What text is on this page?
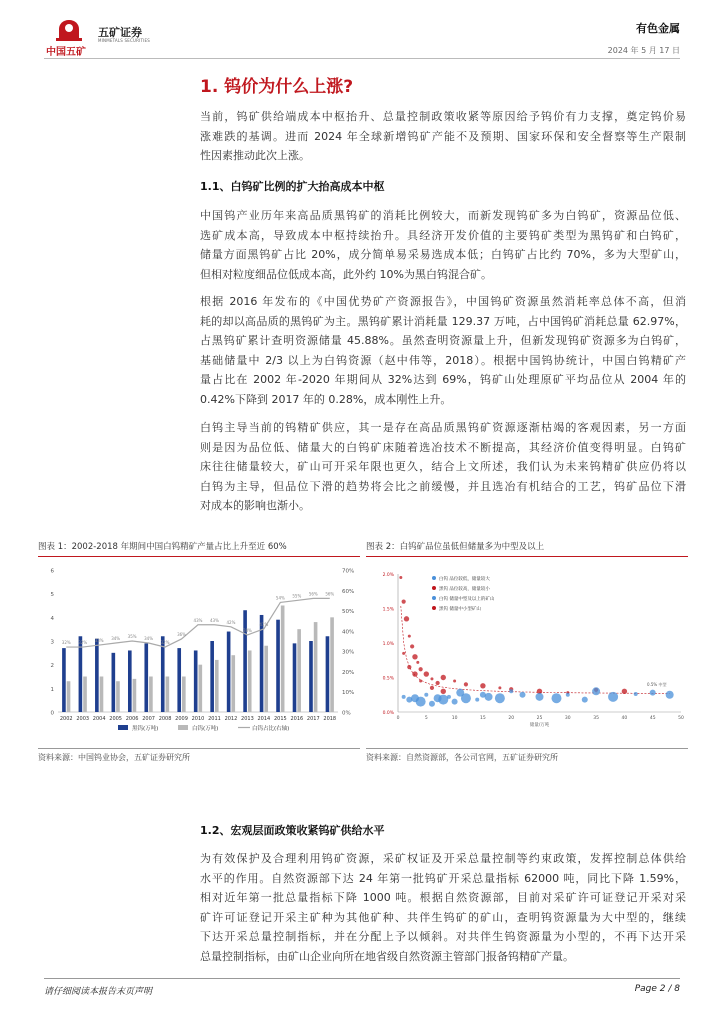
中国五矿
五矿证券
MINMETALS SECURITIES
有色金属
2024 年 5 月 17 日
1. 钨价为什么上涨?
当前，钨矿供给端成本中枢抬升、总量控制政策收紧等原因给予钨价有力支撑，奠定钨价易
涨难跌的基调。进而 2024 年全球新增钨矿产能不及预期、国家环保和安全督察等生产限制
性因素推动此次上涨。
1.1、白钨矿比例的扩大抬高成本中枢
中国钨产业历年来高品质黑钨矿的消耗比例较大，而新发现钨矿多为白钨矿，资源品位低、
选矿成本高，导致成本中枢持续抬升。具经济开发价值的主要钨矿类型为黑钨矿和白钨矿，
储量方面黑钨矿占比 20%，成分简单易采易选成本低；白钨矿占比约 70%，多为大型矿山，
但相对粒度细品位低成本高，此外约 10%为黑白钨混合矿。
根据 2016 年发布的《中国优势矿产资源报告》，中国钨矿资源虽然消耗率总体不高，但消
耗的却以高品质的黑钨矿为主。黑钨矿累计消耗量 129.37 万吨，占中国钨矿消耗总量 62.97%，
占黑钨矿累计查明资源储量 45.88%。虽然查明资源量上升，但新发现钨矿资源多为白钨矿，
基础储量中 2/3 以上为白钨资源（赵中伟等，2018）。根据中国钨协统计，中国白钨精矿产
量占比在 2002 年-2020 年期间从 32%达到 69%，钨矿山处理原矿平均品位从 2004 年的
0.42%下降到 2017 年的 0.28%，成本刚性上升。
白钨主导当前的钨精矿供应，其一是存在高品质黑钨矿资源逐渐枯竭的客观因素，另一方面
则是因为品位低、储量大的白钨矿床随着选冶技术不断提高，其经济价值变得明显。白钨矿
床往往储量较大，矿山可开采年限也更久，结合上文所述，我们认为未来钨精矿供应仍将以
白钨为主导，但品位下滑的趋势将会比之前缓慢，并且选冶有机结合的工艺，钨矿品位下滑
对成本的影响也渐小。
图表 1：2002-2018 年期间中国白钨精矿产量占比上升至近 60%
0
1
2
3
4
5
6
0%
10%
20%
30%
40%
50%
60%
70%
2002 2003 2004 2005 2006 2007 2008 2009 2010 2011 2012 2013 2014 2015 2016 2017 2018
32% 32% 33% 34% 35% 34%
32%
36%
43% 43% 42%
38%
41%
54% 55% 56% 56%
黑钨(万吨)	白钨(万吨)	白钨占比(右轴)
资料来源：中国钨业协会，五矿证券研究所
图表 2：白钨矿品位虽低但储量多为中型及以上
2.0%
1.5%
1.0%
0.5%
0.0%
0	5	10	15	20	25	30	35	40	45	50
储量/万吨
白钨 品位较低，储量较大
黑钨 品位较高，储量较小
白钨 储量中型及以上的矿山
黑钨 储量中小型矿山
0.5% 中型
资料来源：自然资源部，各公司官网，五矿证券研究所
1.2、宏观层面政策收紧钨矿供给水平
为有效保护及合理利用钨矿资源，采矿权证及开采总量控制等约束政策，发挥控制总体供给
水平的作用。自然资源部下达 24 年第一批钨矿开采总量指标 62000 吨，同比下降 1.59%，
相对近年第一批总量指标下降 1000 吨。根据自然资源部，目前对采矿许可证登记开采对采
矿许可证登记开采主矿种为其他矿种、共伴生钨矿的矿山，查明钨资源量为大中型的，继续
下达开采总量控制指标，并在分配上予以倾斜。对共伴生钨资源量为小型的，不再下达开采
总量控制指标，由矿山企业向所在地省级自然资源主管部门报备钨精矿产量。
请仔细阅读本报告末页声明	Page 2 / 8
